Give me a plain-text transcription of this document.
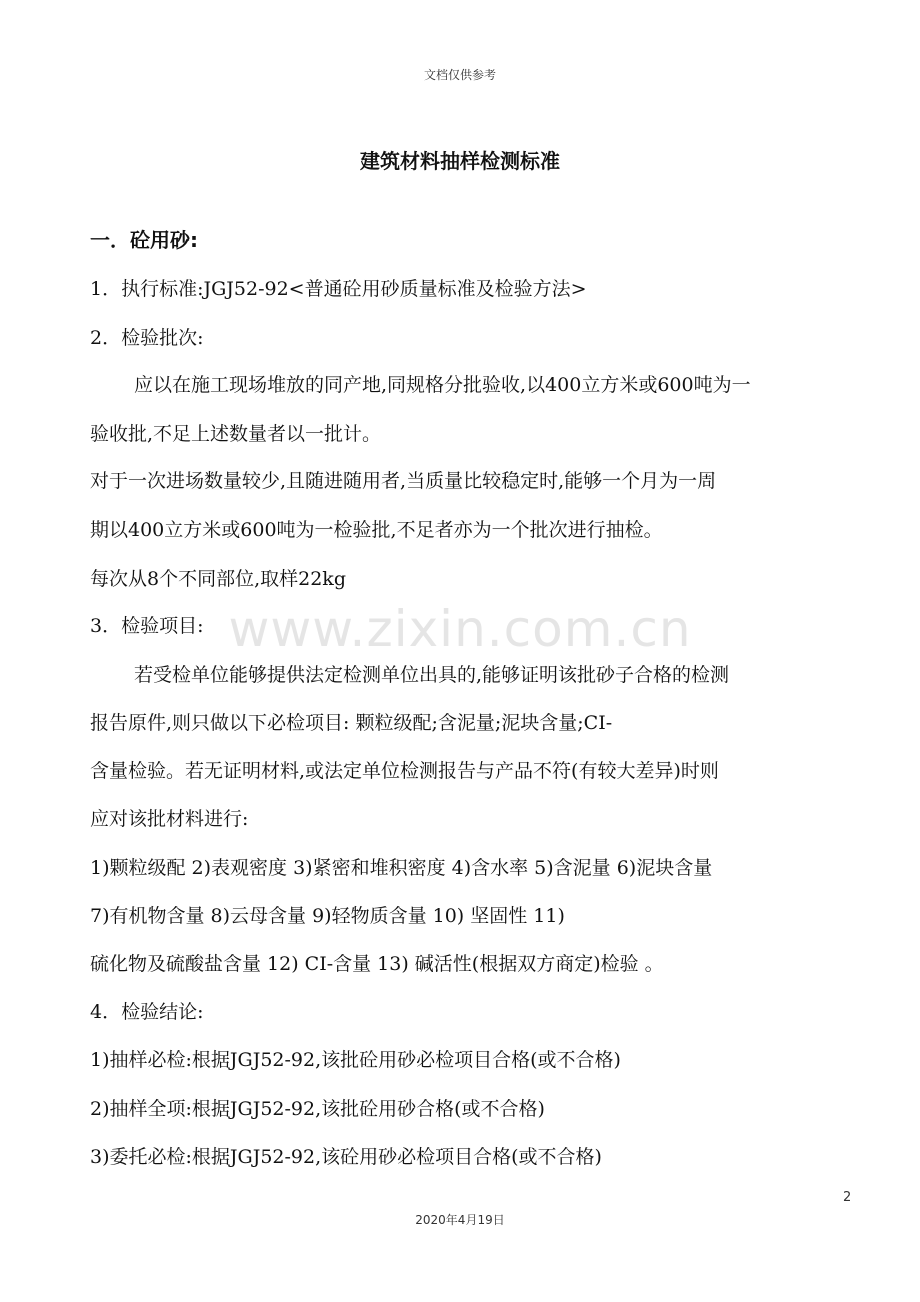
文档仅供参考
建筑材料抽样检测标准
一．砼用砂:
1．执行标准:JGJ52-92<普通砼用砂质量标准及检验方法>
2．检验批次:
应以在施工现场堆放的同产地,同规格分批验收,以400立方米或600吨为一
验收批,不足上述数量者以一批计。
对于一次进场数量较少,且随进随用者,当质量比较稳定时,能够一个月为一周
期以400立方米或600吨为一检验批,不足者亦为一个批次进行抽检。
每次从8个不同部位,取样22kg
3．检验项目:
若受检单位能够提供法定检测单位出具的,能够证明该批砂子合格的检测
报告原件,则只做以下必检项目: 颗粒级配;含泥量;泥块含量;CI-
含量检验。若无证明材料,或法定单位检测报告与产品不符(有较大差异)时则
应对该批材料进行:
1)颗粒级配 2)表观密度 3)紧密和堆积密度 4)含水率 5)含泥量 6)泥块含量
7)有机物含量 8)云母含量 9)轻物质含量 10) 坚固性 11)
硫化物及硫酸盐含量 12) CI-含量 13) 碱活性(根据双方商定)检验 。
4．检验结论:
1)抽样必检:根据JGJ52-92,该批砼用砂必检项目合格(或不合格)
2)抽样全项:根据JGJ52-92,该批砼用砂合格(或不合格)
3)委托必检:根据JGJ52-92,该砼用砂必检项目合格(或不合格)
www.zixin.com.cn
2
2020年4月19日
